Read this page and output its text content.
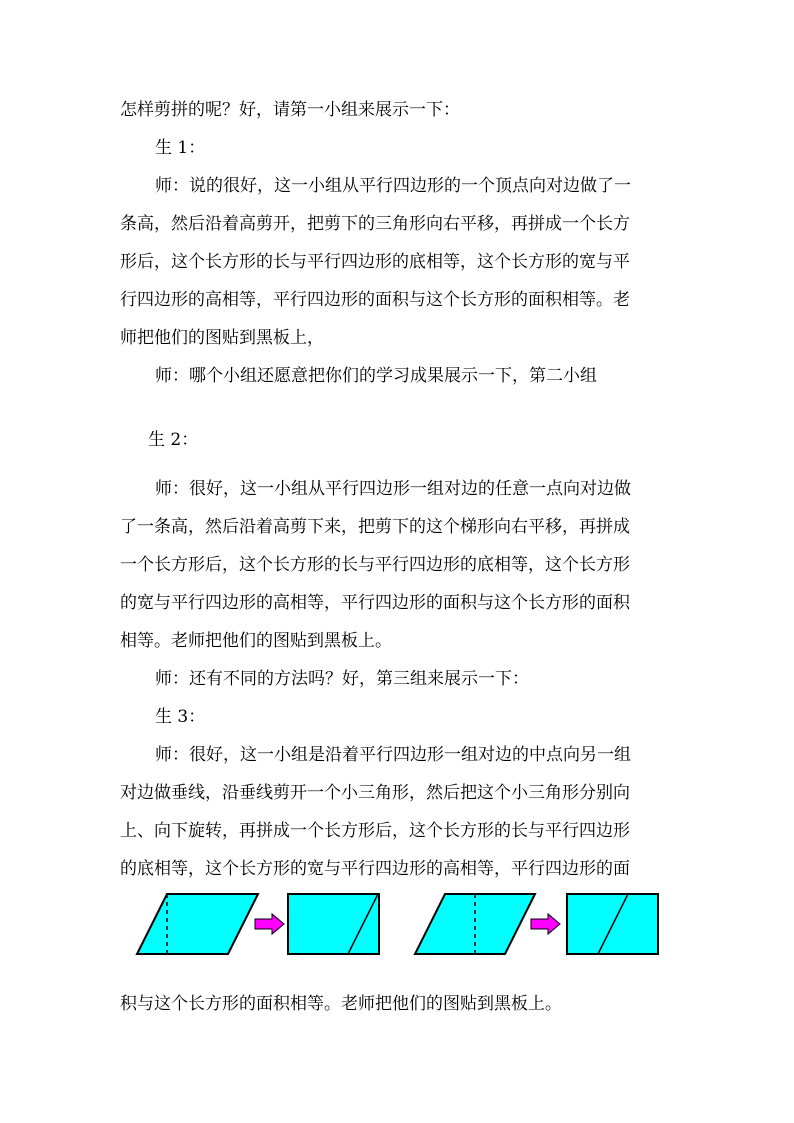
怎样剪拼的呢？好，请第一小组来展示一下：
生 1：
师：说的很好，这一小组从平行四边形的一个顶点向对边做了一
条高，然后沿着高剪开，把剪下的三角形向右平移，再拼成一个长方
形后，这个长方形的长与平行四边形的底相等，这个长方形的宽与平
行四边形的高相等，平行四边形的面积与这个长方形的面积相等。老
师把他们的图贴到黑板上，
师：哪个小组还愿意把你们的学习成果展示一下，第二小组
生 2：
师：很好，这一小组从平行四边形一组对边的任意一点向对边做
了一条高，然后沿着高剪下来，把剪下的这个梯形向右平移，再拼成
一个长方形后，这个长方形的长与平行四边形的底相等，这个长方形
的宽与平行四边形的高相等，平行四边形的面积与这个长方形的面积
相等。老师把他们的图贴到黑板上。
师：还有不同的方法吗？好，第三组来展示一下：
生 3：
师：很好，这一小组是沿着平行四边形一组对边的中点向另一组
对边做垂线，沿垂线剪开一个小三角形，然后把这个小三角形分别向
上、向下旋转，再拼成一个长方形后，这个长方形的长与平行四边形
的底相等，这个长方形的宽与平行四边形的高相等，平行四边形的面
积与这个长方形的面积相等。老师把他们的图贴到黑板上。
